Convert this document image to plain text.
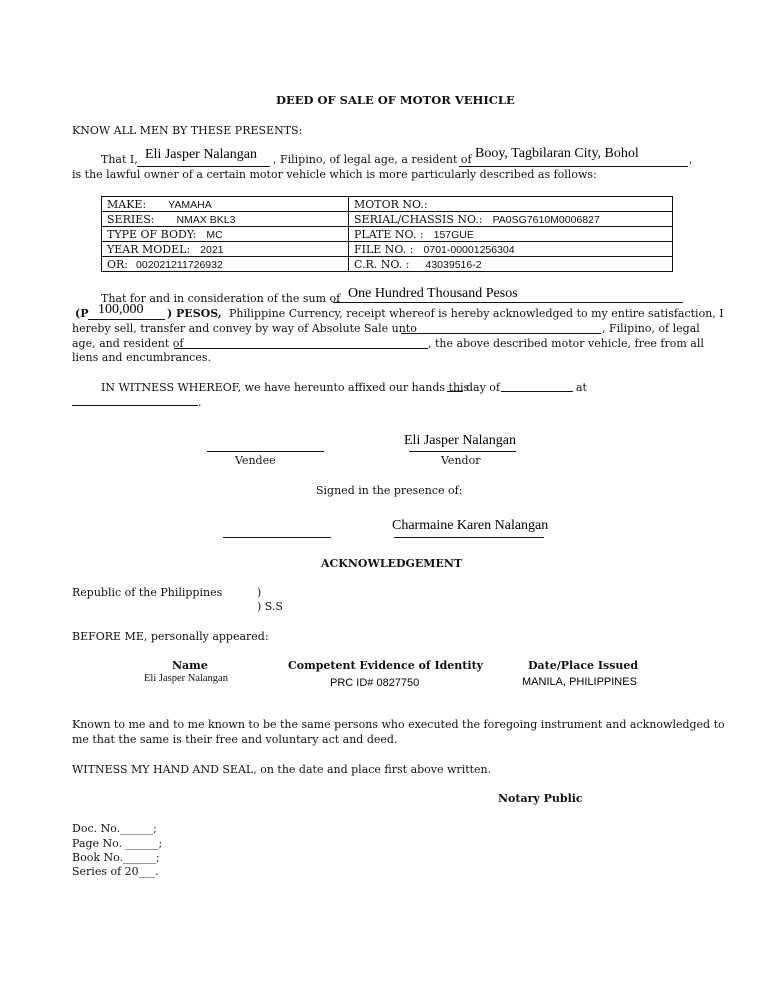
DEED OF SALE OF MOTOR VEHICLE
KNOW ALL MEN BY THESE PRESENTS:
That I, Eli Jasper Nalangan , Filipino, of legal age, a resident of Booy, Tagbilaran City, Bohol	,
is the lawful owner of a certain motor vehicle which is more particularly described as follows:
MAKE: YAMAHA	MOTOR NO.:
SERIES: NMAX BKL3	SERIAL/CHASSIS NO.: PA0SG7610M0006827
TYPE OF BODY: MC	PLATE NO. : 157GUE
YEAR MODEL: 2021	FILE NO. : 0701-00001256304
OR: 002021211726932	C.R. NO. : 43039516-2
That for and in consideration of the sum of One Hundred Thousand Pesos
(P 100,000 ) PESOS, Philippine Currency, receipt whereof is hereby acknowledged to my entire satisfaction, I
hereby sell, transfer and convey by way of Absolute Sale unto	, Filipino, of legal
age, and resident of	, the above described motor vehicle, free from all
liens and encumbrances.
IN WITNESS WHEREOF, we have hereunto affixed our hands this
day of	at
.
Vendee
Eli Jasper Nalangan
Vendor
Signed in the presence of:
Charmaine Karen Nalangan
ACKNOWLEDGEMENT
Republic of the Philippines	)
) S.S
BEFORE ME, personally appeared:
Name	Competent Evidence of Identity	Date/Place Issued
Eli Jasper Nalangan	PRC ID# 0827750	MANILA, PHILIPPINES
Known to me and to me known to be the same persons who executed the foregoing instrument and acknowledged to
me that the same is their free and voluntary act and deed.
WITNESS MY HAND AND SEAL, on the date and place first above written.
Notary Public
Doc. No.______;
Page No. ______;
Book No.______;
Series of 20___.
